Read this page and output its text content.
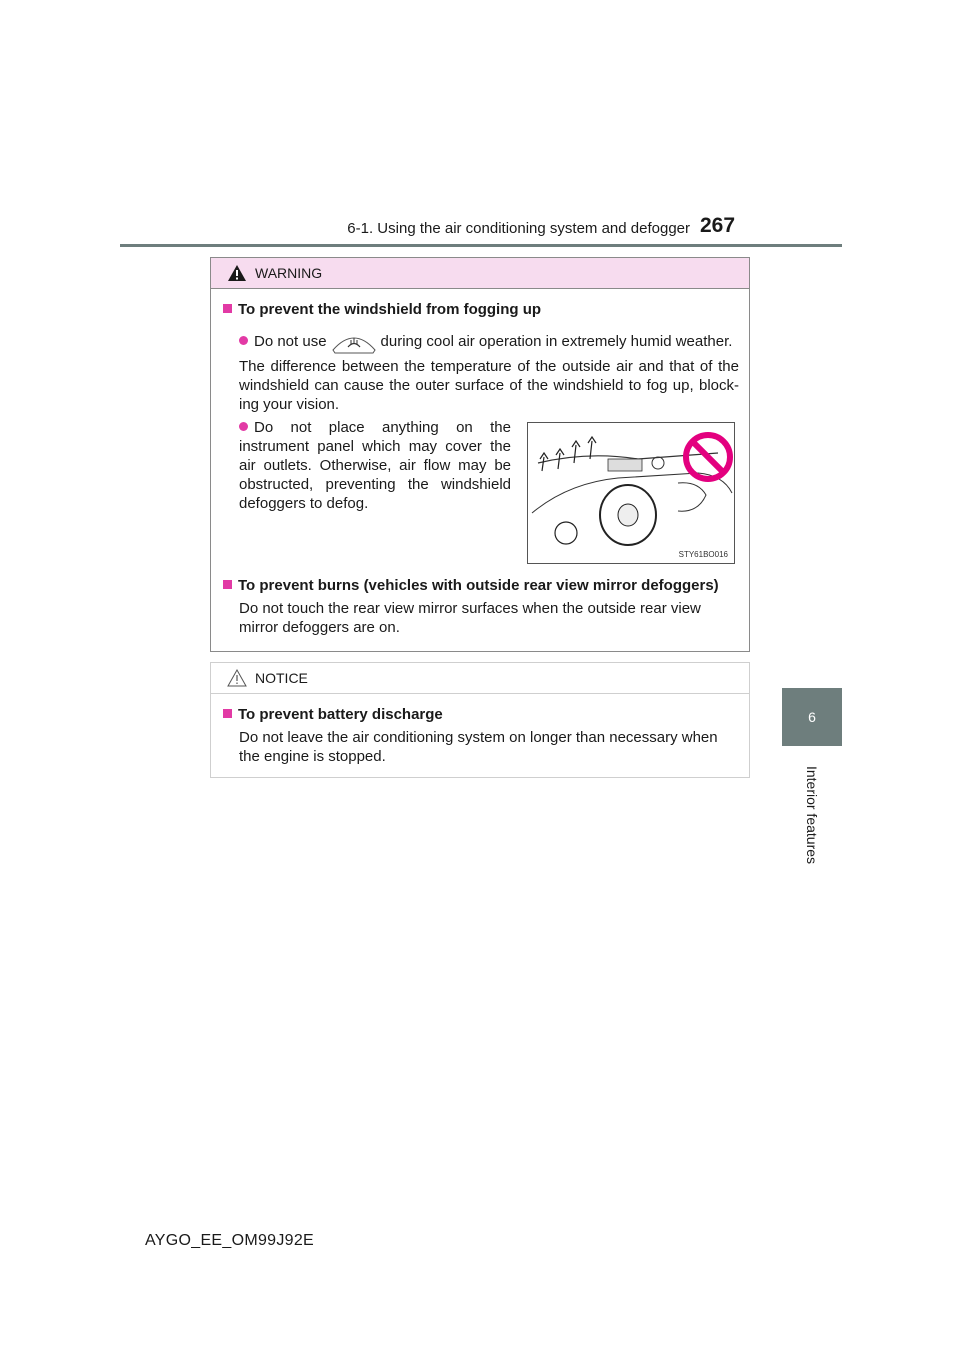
6-1. Using the air conditioning system and defogger 267
6
Interior features
WARNING
To prevent the windshield from fogging up
Do not use	during cool air operation in extremely humid weather.
The difference between the temperature of the outside air and that of the windshield can cause the outer surface of the windshield to fog up, block-ing your vision.
Do not place anything on the instrument panel which may cover the air outlets. Otherwise, air flow may be obstructed, preventing the windshield defoggers to defog.
STY61BO016
To prevent burns (vehicles with outside rear view mirror defoggers)
Do not touch the rear view mirror surfaces when the outside rear view mirror defoggers are on.
NOTICE
To prevent battery discharge
Do not leave the air conditioning system on longer than necessary when the engine is stopped.
AYGO_EE_OM99J92E
